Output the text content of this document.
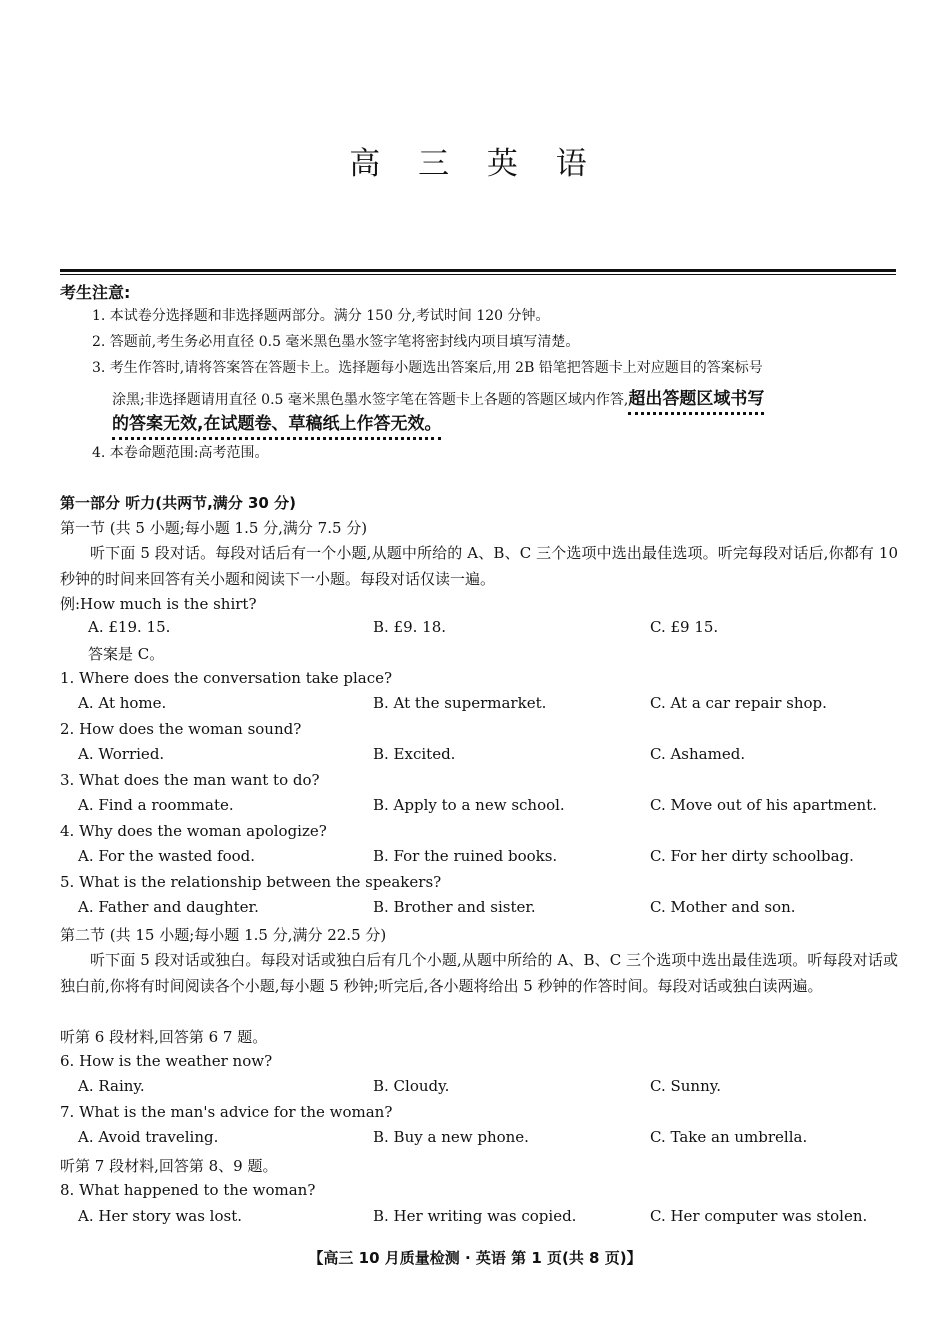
高 三 英 语
考生注意:
1. 本试卷分选择题和非选择题两部分。满分 150 分,考试时间 120 分钟。
2. 答题前,考生务必用直径 0.5 毫米黑色墨水签字笔将密封线内项目填写清楚。
3. 考生作答时,请将答案答在答题卡上。选择题每小题选出答案后,用 2B 铅笔把答题卡上对应题目的答案标号
涂黑;非选择题请用直径 0.5 毫米黑色墨水签字笔在答题卡上各题的答题区域内作答,超出答题区域书写
的答案无效,在试题卷、草稿纸上作答无效。
4. 本卷命题范围:高考范围。
第一部分 听力(共两节,满分 30 分)
第一节 (共 5 小题;每小题 1.5 分,满分 7.5 分)
听下面 5 段对话。每段对话后有一个小题,从题中所给的 A、B、C 三个选项中选出最佳选项。听完每段对话后,你都有 10 秒钟的时间来回答有关小题和阅读下一小题。每段对话仅读一遍。
例:How much is the shirt?
A. £19. 15.	B. £9. 18.	C. £9 15.
答案是 C。
1. Where does the conversation take place?
A. At home.	B. At the supermarket.	C. At a car repair shop.
2. How does the woman sound?
A. Worried.	B. Excited.	C. Ashamed.
3. What does the man want to do?
A. Find a roommate.	B. Apply to a new school.	C. Move out of his apartment.
4. Why does the woman apologize?
A. For the wasted food.	B. For the ruined books.	C. For her dirty schoolbag.
5. What is the relationship between the speakers?
A. Father and daughter.	B. Brother and sister.	C. Mother and son.
第二节 (共 15 小题;每小题 1.5 分,满分 22.5 分)
听下面 5 段对话或独白。每段对话或独白后有几个小题,从题中所给的 A、B、C 三个选项中选出最佳选项。听每段对话或独白前,你将有时间阅读各个小题,每小题 5 秒钟;听完后,各小题将给出 5 秒钟的作答时间。每段对话或独白读两遍。
听第 6 段材料,回答第 6 7 题。
6. How is the weather now?
A. Rainy.	B. Cloudy.	C. Sunny.
7. What is the man's advice for the woman?
A. Avoid traveling.	B. Buy a new phone.	C. Take an umbrella.
听第 7 段材料,回答第 8、9 题。
8. What happened to the woman?
A. Her story was lost.	B. Her writing was copied.	C. Her computer was stolen.
【高三 10 月质量检测 · 英语 第 1 页(共 8 页)】
